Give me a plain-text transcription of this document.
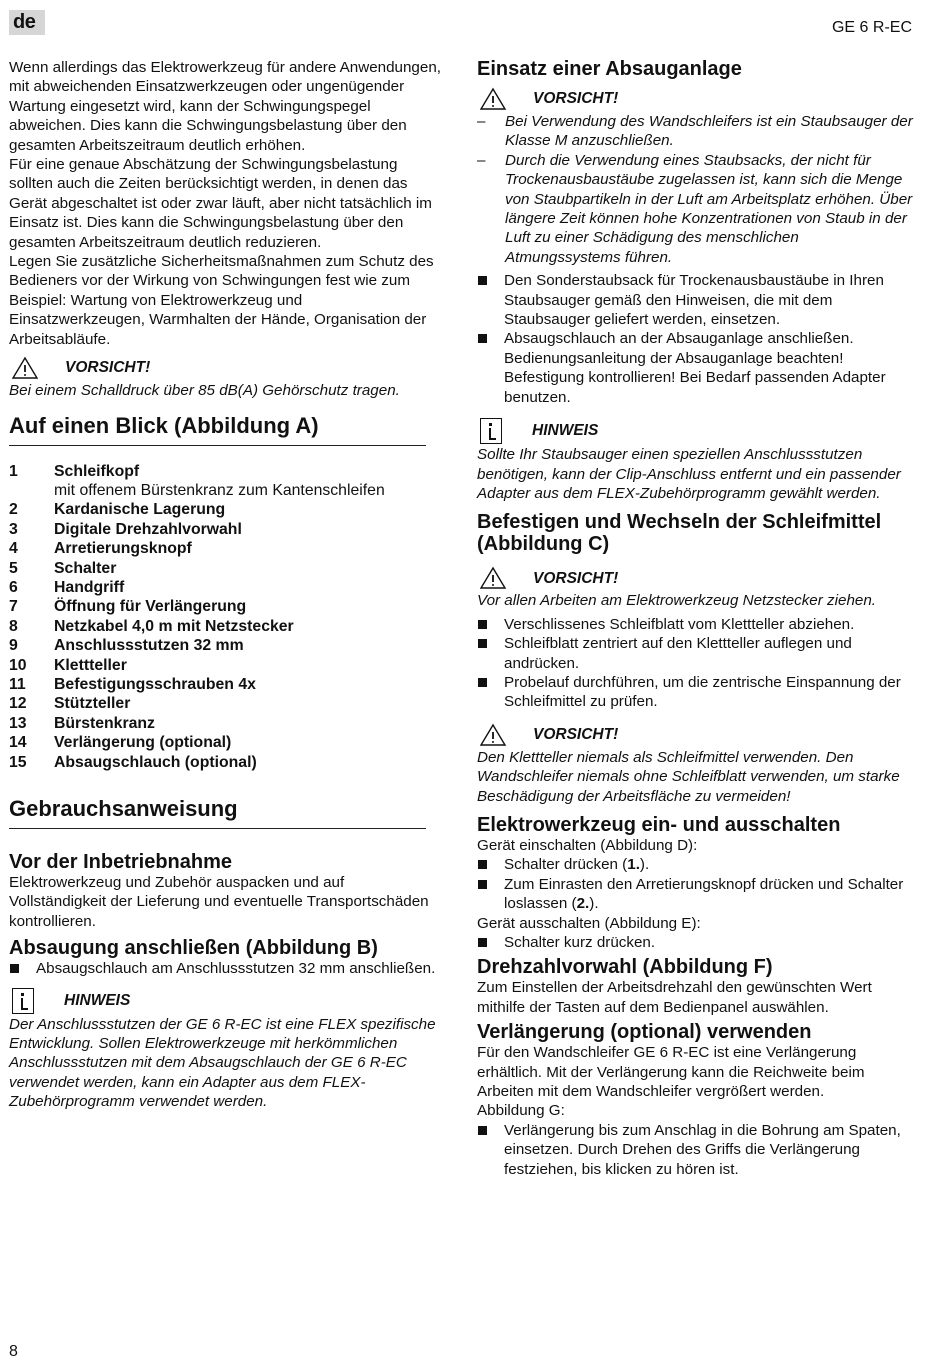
de	GE 6 R-EC

Wenn allerdings das Elektrowerkzeug für andere Anwendungen, mit abweichenden Einsatzwerkzeugen oder ungenügender Wartung eingesetzt wird, kann der Schwingungspegel abweichen. Dies kann die Schwingungsbelastung über den gesamten Arbeitszeitraum deutlich erhöhen.

Für eine genaue Abschätzung der Schwingungsbelastung sollten auch die Zeiten berücksichtigt werden, in denen das Gerät abgeschaltet ist oder zwar läuft, aber nicht tatsächlich im Einsatz ist. Dies kann die Schwingungsbelastung über den gesamten Arbeitszeitraum deutlich reduzieren.

Legen Sie zusätzliche Sicherheitsmaßnahmen zum Schutz des Bedieners vor der Wirkung von Schwingungen fest wie zum Beispiel: Wartung von Elektrowerkzeug und Einsatzwerkzeugen, Warmhalten der Hände, Organisation der Arbeitsabläufe.

VORSICHT!

Bei einem Schalldruck über 85 dB(A) Gehörschutz tragen.

Auf einen Blick (Abbildung A)
1	Schleifkopf
mit offenem Bürstenkranz zum Kantenschleifen
2	Kardanische Lagerung
3	Digitale Drehzahlvorwahl
4	Arretierungsknopf
5	Schalter
6	Handgriff
7	Öffnung für Verlängerung
8	Netzkabel 4,0 m mit Netzstecker
9	Anschlussstutzen 32 mm
10	Klettteller
11	Befestigungsschrauben 4x
12	Stützteller
13	Bürstenkranz
14	Verlängerung (optional)
15	Absaugschlauch (optional)
Gebrauchsanweisung
Vor der Inbetriebnahme

Elektrowerkzeug und Zubehör auspacken und auf Vollständigkeit der Lieferung und eventuelle Transportschäden kontrollieren.

Absaugung anschließen (Abbildung B)
Absaugschlauch am Anschlussstutzen 32 mm anschließen.
HINWEIS

Der Anschlussstutzen der GE 6 R-EC ist eine FLEX spezifische Entwicklung. Sollen Elektrowerkzeuge mit herkömmlichen Anschlussstutzen mit dem Absaugschlauch der GE 6 R-EC verwendet werden, kann ein Adapter aus dem FLEX-Zubehörprogramm verwendet werden.

Einsatz einer Absauganlage
VORSICHT!
– Bei Verwendung des Wandschleifers ist ein Staubsauger der Klasse M anzuschließen.
– Durch die Verwendung eines Staubsacks, der nicht für Trockenausbaustäube zugelassen ist, kann sich die Menge von Staubpartikeln in der Luft am Arbeitsplatz erhöhen. Über längere Zeit können hohe Konzentrationen von Staub in der Luft zu einer Schädigung des menschlichen Atmungssystems führen.
Den Sonderstaubsack für Trockenausbaustäube in Ihren Staubsauger gemäß den Hinweisen, die mit dem Staubsauger geliefert werden, einsetzen.
Absaugschlauch an der Absauganlage anschließen. Bedienungsanleitung der Absauganlage beachten! Befestigung kontrollieren! Bei Bedarf passenden Adapter benutzen.
HINWEIS

Sollte Ihr Staubsauger einen speziellen Anschlussstutzen benötigen, kann der Clip-Anschluss entfernt und ein passender Adapter aus dem FLEX-Zubehörprogramm gewählt werden.

Befestigen und Wechseln der Schleifmittel (Abbildung C)
VORSICHT!

Vor allen Arbeiten am Elektrowerkzeug Netzstecker ziehen.

Verschlissenes Schleifblatt vom Klettteller abziehen.
Schleifblatt zentriert auf den Klettteller auflegen und andrücken.
Probelauf durchführen, um die zentrische Einspannung der Schleifmittel zu prüfen.
VORSICHT!

Den Klettteller niemals als Schleifmittel verwenden. Den Wandschleifer niemals ohne Schleifblatt verwenden, um starke Beschädigung der Arbeitsfläche zu vermeiden!

Elektrowerkzeug ein- und ausschalten

Gerät einschalten (Abbildung D):

Schalter drücken (1.).
Zum Einrasten den Arretierungsknopf drücken und Schalter loslassen (2.).

Gerät ausschalten (Abbildung E):

Schalter kurz drücken.
Drehzahlvorwahl (Abbildung F)

Zum Einstellen der Arbeitsdrehzahl den gewünschten Wert mithilfe der Tasten auf dem Bedienpanel auswählen.

Verlängerung (optional) verwenden

Für den Wandschleifer GE 6 R-EC ist eine Verlängerung erhältlich. Mit der Verlängerung kann die Reichweite beim Arbeiten mit dem Wandschleifer vergrößert werden.

Abbildung G:

Verlängerung bis zum Anschlag in die Bohrung am Spaten, einsetzen. Durch Drehen des Griffs die Verlängerung festziehen, bis klicken zu hören ist.
8
